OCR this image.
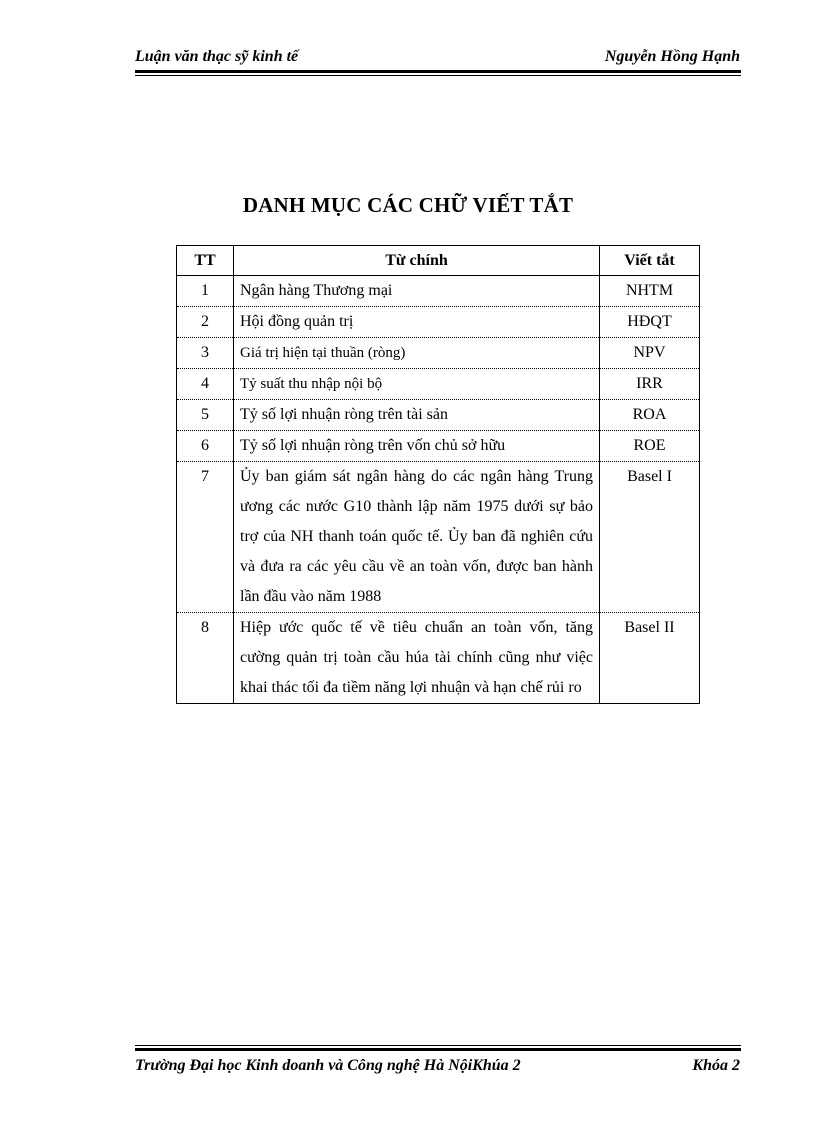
Luận văn thạc sỹ kinh tế	Nguyễn Hồng Hạnh
DANH MỤC CÁC CHỮ VIẾT TẮT
TT	Từ chính	Viết tắt
1	Ngân hàng Thương mại	NHTM
2	Hội đồng quản trị	HĐQT
3	Giá trị hiện tại thuần (ròng)	NPV
4	Tỷ suất thu nhập nội bộ	IRR
5	Tỷ số lợi nhuận ròng trên tài sản	ROA
6	Tỷ số lợi nhuận ròng trên vốn chủ sở hữu	ROE
7	Ủy ban giám sát ngân hàng do các ngân hàng Trung ương các nước G10 thành lập năm 1975 dưới sự bảo trợ của NH thanh toán quốc tế. Ủy ban đã nghiên cứu và đưa ra các yêu cầu về an toàn vốn, được ban hành lần đầu vào năm 1988	Basel I
8	Hiệp ước quốc tế về tiêu chuẩn an toàn vốn, tăng cường quản trị toàn cầu húa tài chính cũng như việc khai thác tối đa tiềm năng lợi nhuận và hạn chế rủi ro	Basel II
Trường Đại học Kinh doanh và Công nghệ Hà NộiKhúa 2	Khóa 2
